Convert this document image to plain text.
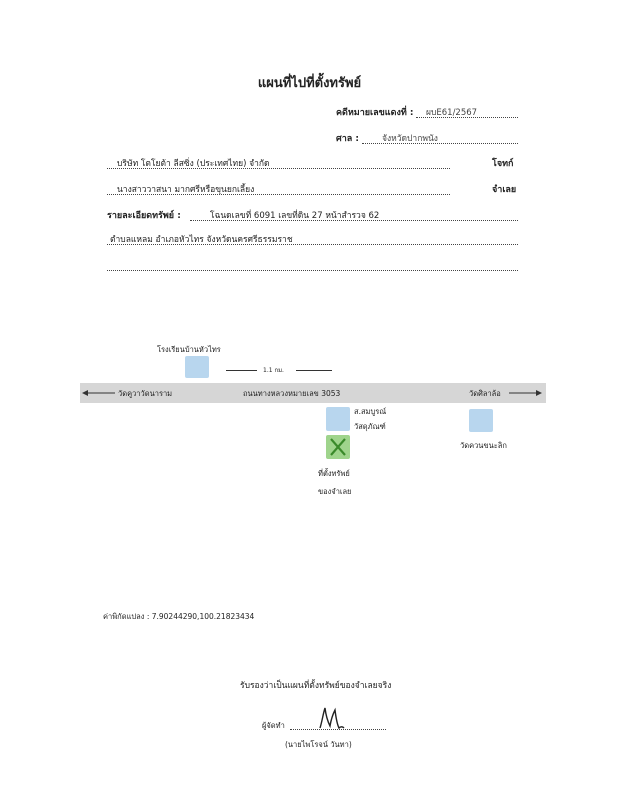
แผนที่ไปที่ตั้งทรัพย์
คดีหมายเลขแดงที่ : ผบE61/2567
ศาล :	จังหวัดปากพนัง
บริษัท โตโยต้า ลีสซิ่ง (ประเทศไทย) จำกัด	โจทก์
นางสาววาสนา มากศรีหรือขุนยกเลี้ยง	จำเลย
รายละเอียดทรัพย์ :	โฉนดเลขที่ 6091 เลขที่ดิน 27 หน้าสำรวจ 62
ตำบลแหลม อำเภอหัวไทร จังหวัดนครศรีธรรมราช
โรงเรียนบ้านหัวไทร
1.1 กม.
วัดคูวาวัดนาราม	ถนนทางหลวงหมายเลข 3053	วัดศิลาล้อ
ส.สมบูรณ์
วัสดุภัณฑ์
วัดควนขนะลิก
ที่ตั้งทรัพย์
ของจำเลย
ค่าพิกัดแปลง : 7.90244290,100.21823434
รับรองว่าเป็นแผนที่ตั้งทรัพย์ของจำเลยจริง
ผู้จัดทำ
(นายไพโรจน์ วันทา)
